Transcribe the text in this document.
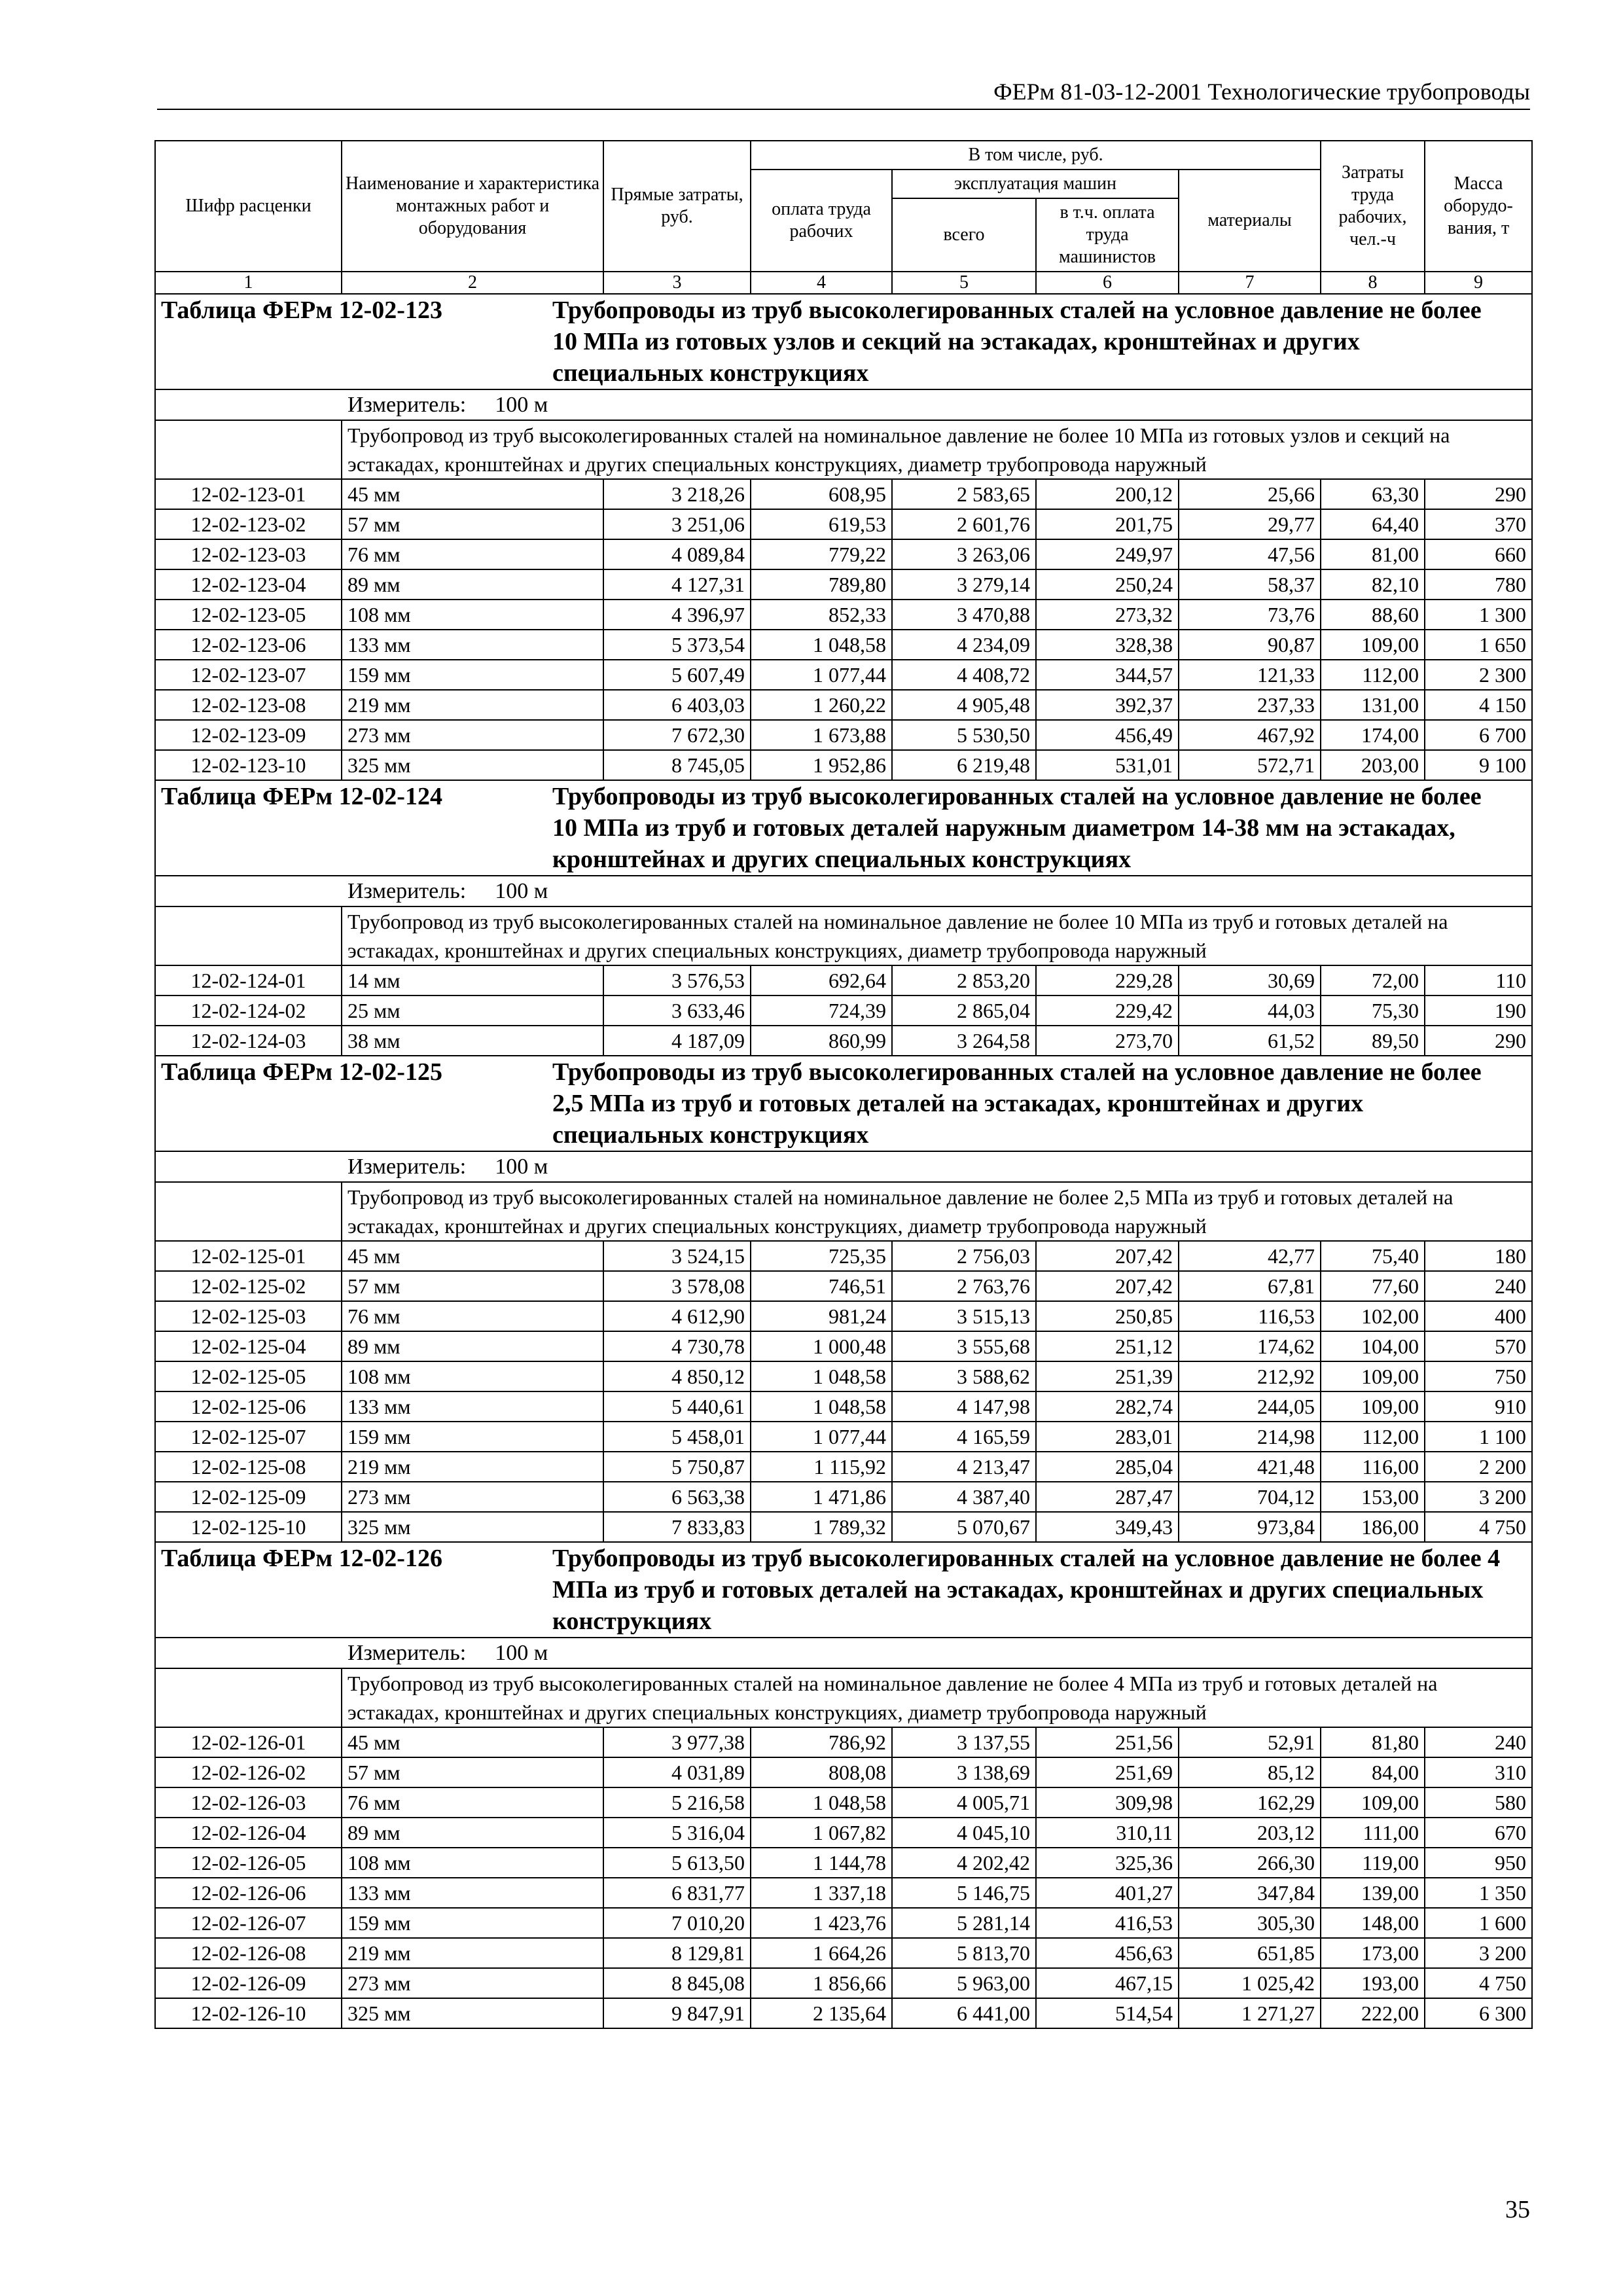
ФЕРм 81-03-12-2001 Технологические трубопроводы
Шифр расценки	Наименование и характеристика монтажных работ и оборудования	Прямые затраты, руб.	В том числе, руб.				Затраты труда рабочих, чел.-ч	Масса оборудо-вания, т
			оплата труда рабочих	эксплуатация машин		материалы		
				всего	в т.ч. оплата труда машинистов			
1	2	3	4	5	6	7	8	9
Таблица ФЕРм 12-02-123 Трубопроводы из труб высоколегированных сталей на условное давление не более 10 МПа из готовых узлов и секций на эстакадах, кронштейнах и других специальных конструкциях								
Измеритель: 100 м								
	Трубопровод из труб высоколегированных сталей на номинальное давление не более 10 МПа из готовых узлов и секций на эстакадах, кронштейнах и других специальных конструкциях, диаметр трубопровода наружный							
12-02-123-01	45 мм	3 218,26	608,95	2 583,65	200,12	25,66	63,30	290
12-02-123-02	57 мм	3 251,06	619,53	2 601,76	201,75	29,77	64,40	370
12-02-123-03	76 мм	4 089,84	779,22	3 263,06	249,97	47,56	81,00	660
12-02-123-04	89 мм	4 127,31	789,80	3 279,14	250,24	58,37	82,10	780
12-02-123-05	108 мм	4 396,97	852,33	3 470,88	273,32	73,76	88,60	1 300
12-02-123-06	133 мм	5 373,54	1 048,58	4 234,09	328,38	90,87	109,00	1 650
12-02-123-07	159 мм	5 607,49	1 077,44	4 408,72	344,57	121,33	112,00	2 300
12-02-123-08	219 мм	6 403,03	1 260,22	4 905,48	392,37	237,33	131,00	4 150
12-02-123-09	273 мм	7 672,30	1 673,88	5 530,50	456,49	467,92	174,00	6 700
12-02-123-10	325 мм	8 745,05	1 952,86	6 219,48	531,01	572,71	203,00	9 100
Таблица ФЕРм 12-02-124 Трубопроводы из труб высоколегированных сталей на условное давление не более 10 МПа из труб и готовых деталей наружным диаметром 14-38 мм на эстакадах, кронштейнах и других специальных конструкциях								
Измеритель: 100 м								
	Трубопровод из труб высоколегированных сталей на номинальное давление не более 10 МПа из труб и готовых деталей на эстакадах, кронштейнах и других специальных конструкциях, диаметр трубопровода наружный							
12-02-124-01	14 мм	3 576,53	692,64	2 853,20	229,28	30,69	72,00	110
12-02-124-02	25 мм	3 633,46	724,39	2 865,04	229,42	44,03	75,30	190
12-02-124-03	38 мм	4 187,09	860,99	3 264,58	273,70	61,52	89,50	290
Таблица ФЕРм 12-02-125 Трубопроводы из труб высоколегированных сталей на условное давление не более 2,5 МПа из труб и готовых деталей на эстакадах, кронштейнах и других специальных конструкциях								
Измеритель: 100 м								
	Трубопровод из труб высоколегированных сталей на номинальное давление не более 2,5 МПа из труб и готовых деталей на эстакадах, кронштейнах и других специальных конструкциях, диаметр трубопровода наружный							
12-02-125-01	45 мм	3 524,15	725,35	2 756,03	207,42	42,77	75,40	180
12-02-125-02	57 мм	3 578,08	746,51	2 763,76	207,42	67,81	77,60	240
12-02-125-03	76 мм	4 612,90	981,24	3 515,13	250,85	116,53	102,00	400
12-02-125-04	89 мм	4 730,78	1 000,48	3 555,68	251,12	174,62	104,00	570
12-02-125-05	108 мм	4 850,12	1 048,58	3 588,62	251,39	212,92	109,00	750
12-02-125-06	133 мм	5 440,61	1 048,58	4 147,98	282,74	244,05	109,00	910
12-02-125-07	159 мм	5 458,01	1 077,44	4 165,59	283,01	214,98	112,00	1 100
12-02-125-08	219 мм	5 750,87	1 115,92	4 213,47	285,04	421,48	116,00	2 200
12-02-125-09	273 мм	6 563,38	1 471,86	4 387,40	287,47	704,12	153,00	3 200
12-02-125-10	325 мм	7 833,83	1 789,32	5 070,67	349,43	973,84	186,00	4 750
Таблица ФЕРм 12-02-126 Трубопроводы из труб высоколегированных сталей на условное давление не более 4 МПа из труб и готовых деталей на эстакадах, кронштейнах и других специальных конструкциях								
Измеритель: 100 м								
	Трубопровод из труб высоколегированных сталей на номинальное давление не более 4 МПа из труб и готовых деталей на эстакадах, кронштейнах и других специальных конструкциях, диаметр трубопровода наружный							
12-02-126-01	45 мм	3 977,38	786,92	3 137,55	251,56	52,91	81,80	240
12-02-126-02	57 мм	4 031,89	808,08	3 138,69	251,69	85,12	84,00	310
12-02-126-03	76 мм	5 216,58	1 048,58	4 005,71	309,98	162,29	109,00	580
12-02-126-04	89 мм	5 316,04	1 067,82	4 045,10	310,11	203,12	111,00	670
12-02-126-05	108 мм	5 613,50	1 144,78	4 202,42	325,36	266,30	119,00	950
12-02-126-06	133 мм	6 831,77	1 337,18	5 146,75	401,27	347,84	139,00	1 350
12-02-126-07	159 мм	7 010,20	1 423,76	5 281,14	416,53	305,30	148,00	1 600
12-02-126-08	219 мм	8 129,81	1 664,26	5 813,70	456,63	651,85	173,00	3 200
12-02-126-09	273 мм	8 845,08	1 856,66	5 963,00	467,15	1 025,42	193,00	4 750
12-02-126-10	325 мм	9 847,91	2 135,64	6 441,00	514,54	1 271,27	222,00	6 300
35
